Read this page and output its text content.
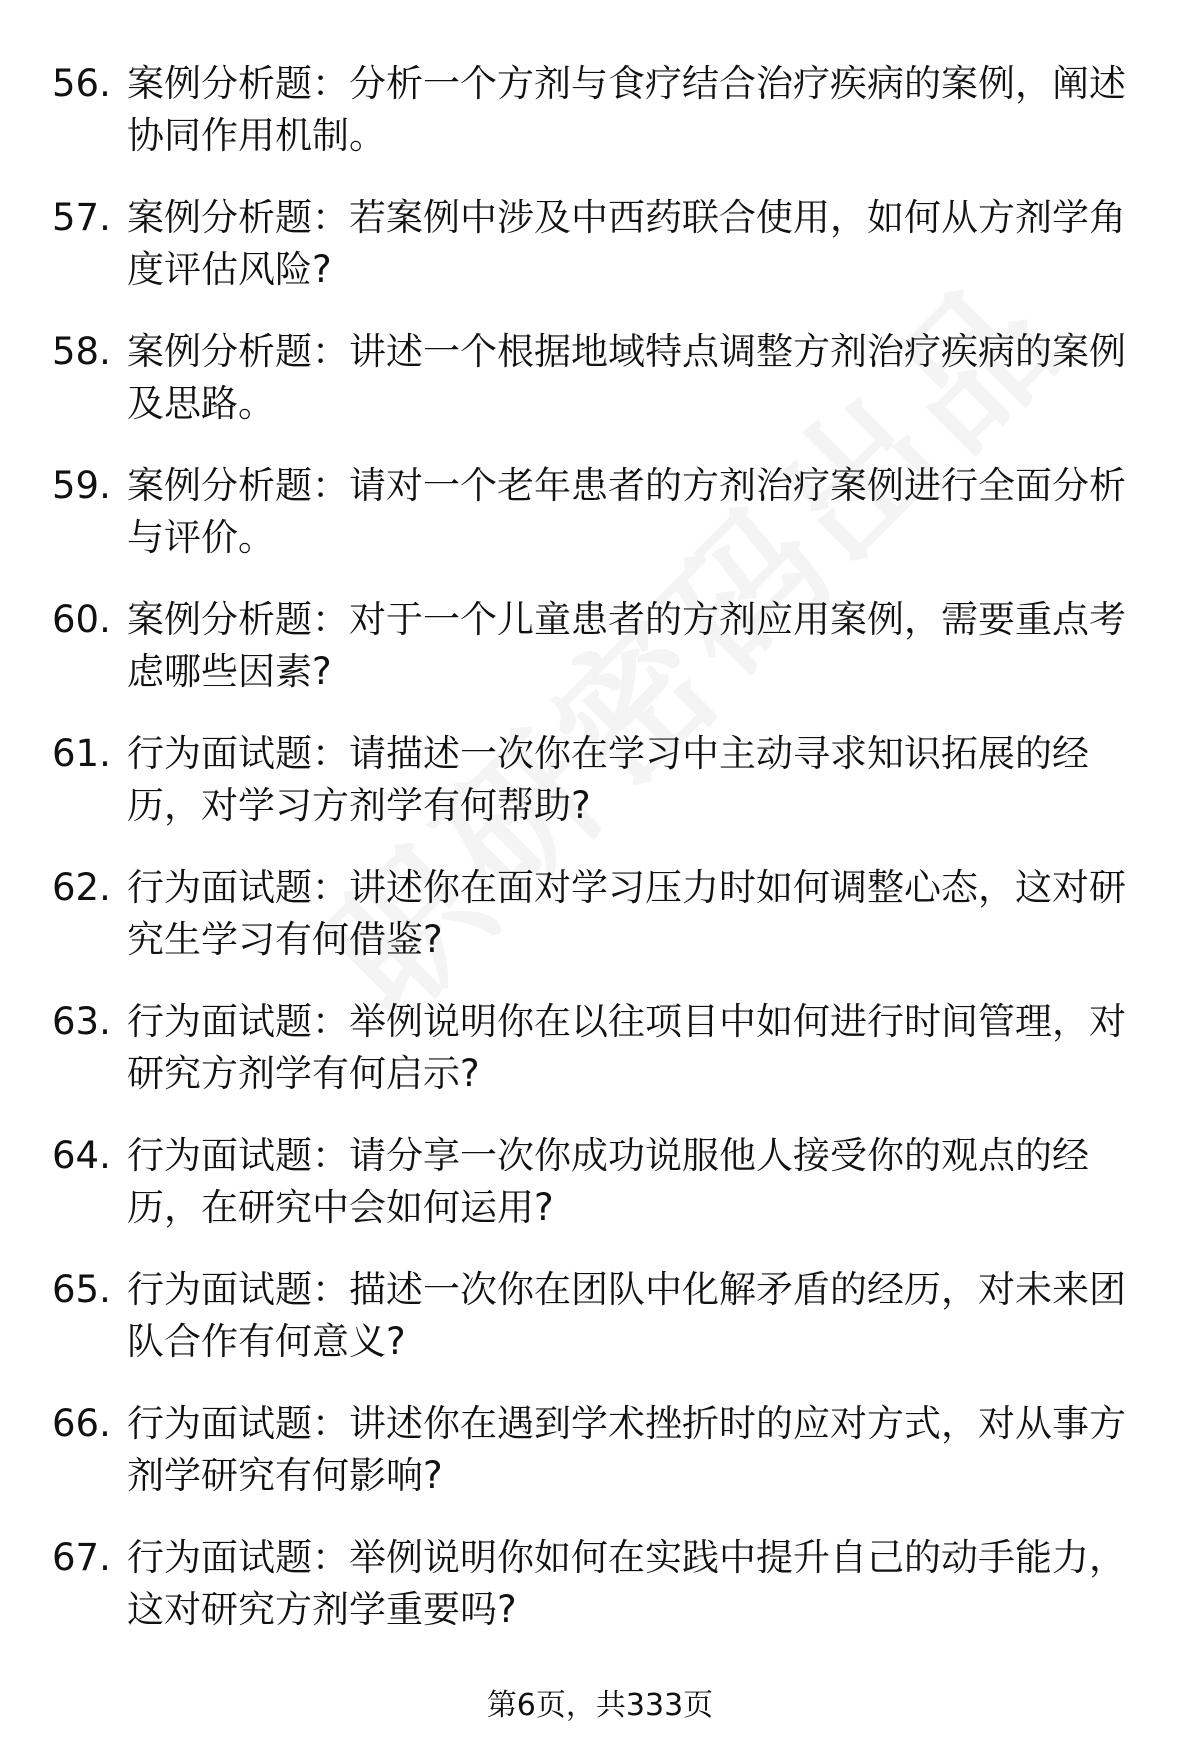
56. 案例分析题：分析一个方剂与食疗结合治疗疾病的案例，阐述协同作用机制。
57. 案例分析题：若案例中涉及中西药联合使用，如何从方剂学角度评估风险?
58. 案例分析题：讲述一个根据地域特点调整方剂治疗疾病的案例及思路。
59. 案例分析题：请对一个老年患者的方剂治疗案例进行全面分析与评价。
60. 案例分析题：对于一个儿童患者的方剂应用案例，需要重点考虑哪些因素?
61. 行为面试题：请描述一次你在学习中主动寻求知识拓展的经历，对学习方剂学有何帮助?
62. 行为面试题：讲述你在面对学习压力时如何调整心态，这对研究生学习有何借鉴?
63. 行为面试题：举例说明你在以往项目中如何进行时间管理，对研究方剂学有何启示?
64. 行为面试题：请分享一次你成功说服他人接受你的观点的经历，在研究中会如何运用?
65. 行为面试题：描述一次你在团队中化解矛盾的经历，对未来团队合作有何意义?
66. 行为面试题：讲述你在遇到学术挫折时的应对方式，对从事方剂学研究有何影响?
67. 行为面试题：举例说明你如何在实践中提升自己的动手能力，这对研究方剂学重要吗?
第6页，共333页
